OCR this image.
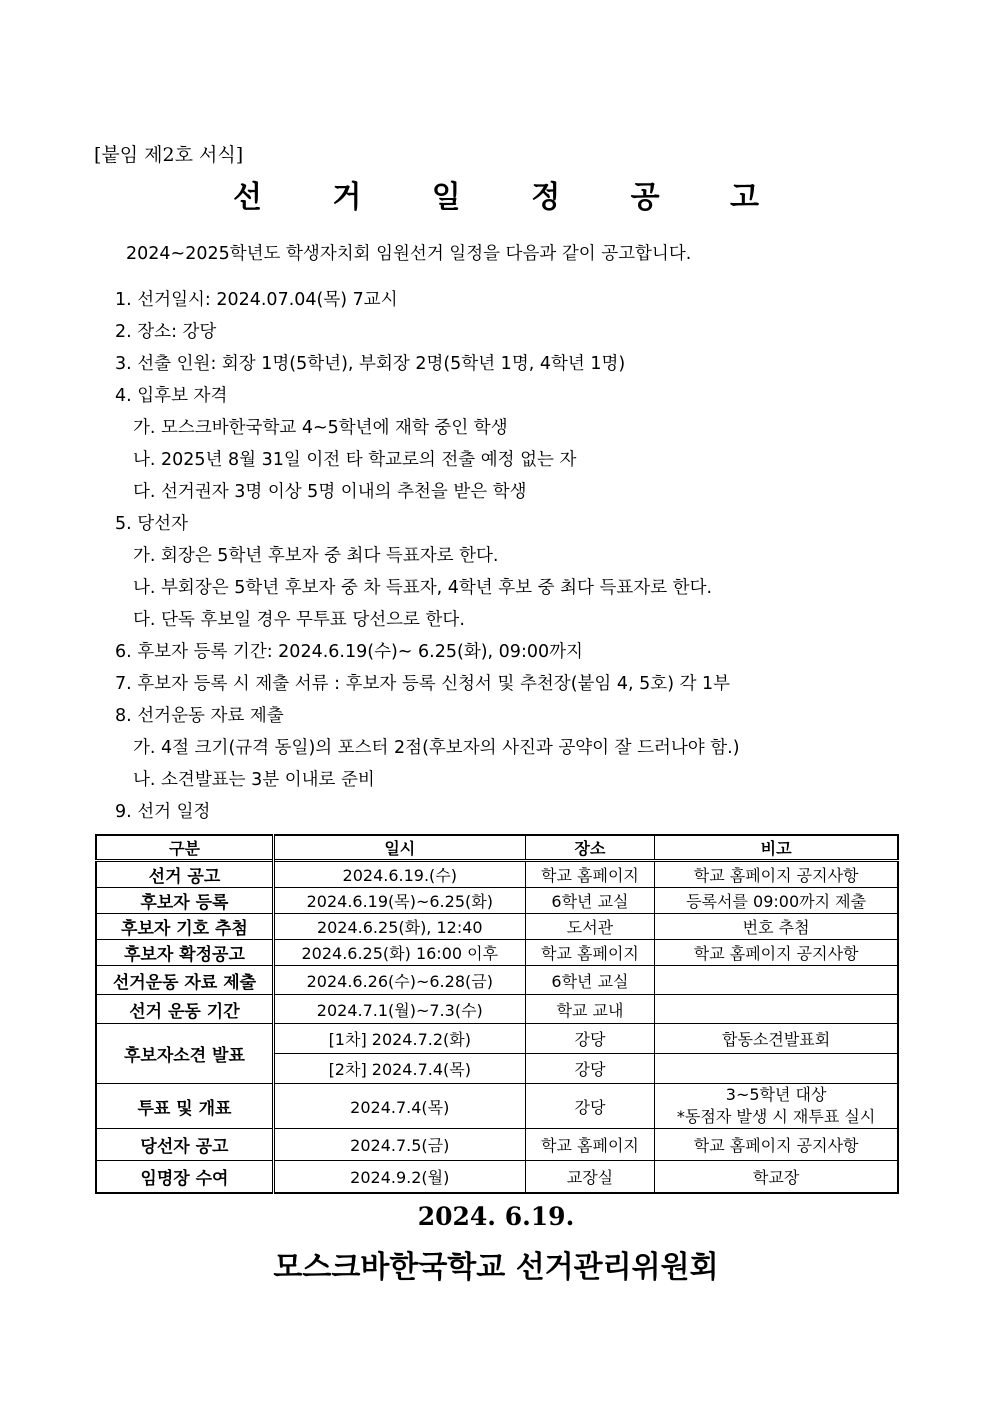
[붙임 제2호 서식]
선 거 일 정 공 고
2024~2025학년도 학생자치회 임원선거 일정을 다음과 같이 공고합니다.
1. 선거일시: 2024.07.04(목) 7교시
2. 장소: 강당
3. 선출 인원: 회장 1명(5학년), 부회장 2명(5학년 1명, 4학년 1명)
4. 입후보 자격
가. 모스크바한국학교 4~5학년에 재학 중인 학생
나. 2025년 8월 31일 이전 타 학교로의 전출 예정 없는 자
다. 선거권자 3명 이상 5명 이내의 추천을 받은 학생
5. 당선자
가. 회장은 5학년 후보자 중 최다 득표자로 한다.
나. 부회장은 5학년 후보자 중 차 득표자, 4학년 후보 중 최다 득표자로 한다.
다. 단독 후보일 경우 무투표 당선으로 한다.
6. 후보자 등록 기간: 2024.6.19(수)~ 6.25(화), 09:00까지
7. 후보자 등록 시 제출 서류 : 후보자 등록 신청서 및 추천장(붙임 4, 5호) 각 1부
8. 선거운동 자료 제출
가. 4절 크기(규격 동일)의 포스터 2점(후보자의 사진과 공약이 잘 드러나야 함.)
나. 소견발표는 3분 이내로 준비
9. 선거 일정
구분	일시	장소	비고
선거 공고	2024.6.19.(수)	학교 홈페이지	학교 홈페이지 공지사항
후보자 등록	2024.6.19(목)~6.25(화)	6학년 교실	등록서를 09:00까지 제출
후보자 기호 추첨	2024.6.25(화), 12:40	도서관	번호 추첨
후보자 확정공고	2024.6.25(화) 16:00 이후	학교 홈페이지	학교 홈페이지 공지사항
선거운동 자료 제출	2024.6.26(수)~6.28(금)	6학년 교실	
선거 운동 기간	2024.7.1(월)~7.3(수)	학교 교내	
후보자소견 발표	[1차] 2024.7.2(화)	강당	합동소견발표회
	[2차] 2024.7.4(목)	강당	
투표 및 개표	2024.7.4(목)	강당	3~5학년 대상
*동점자 발생 시 재투표 실시

당선자 공고	2024.7.5(금)	학교 홈페이지	학교 홈페이지 공지사항
임명장 수여	2024.9.2(월)	교장실	학교장
2024. 6.19.
모스크바한국학교 선거관리위원회
